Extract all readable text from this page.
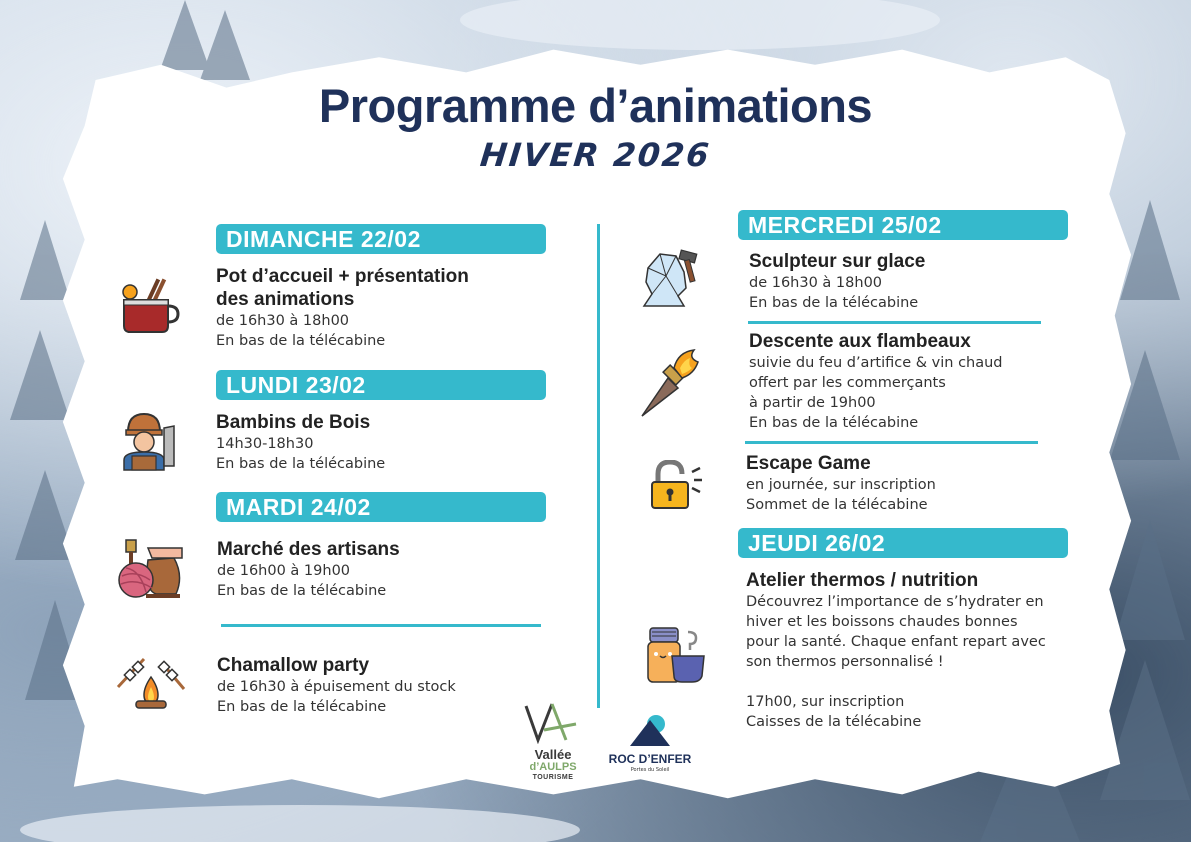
Programme d’animations
HIVER 2026
DIMANCHE 22/02
Pot d’accueil + présentation
des animations
de 16h30 à 18h00
En bas de la télécabine
LUNDI 23/02
Bambins de Bois
14h30-18h30
En bas de la télécabine
MARDI 24/02
Marché des artisans
de 16h00 à 19h00
En bas de la télécabine
Chamallow party
de 16h30 à épuisement du stock
En bas de la télécabine
MERCREDI 25/02
Sculpteur sur glace
de 16h30 à 18h00
En bas de la télécabine
Descente aux flambeaux
suivie du feu d’artifice & vin chaud
offert par les commerçants
à partir de 19h00
En bas de la télécabine
Escape Game
en journée, sur inscription
Sommet de la télécabine
JEUDI 26/02
Atelier thermos / nutrition
Découvrez l’importance de s’hydrater en
hiver et les boissons chaudes bonnes
pour la santé. Chaque enfant repart avec
son thermos personnalisé !

17h00, sur inscription
Caisses de la télécabine
Vallée
d’AULPS
TOURISME
ROC D’ENFER
Portes du Soleil
